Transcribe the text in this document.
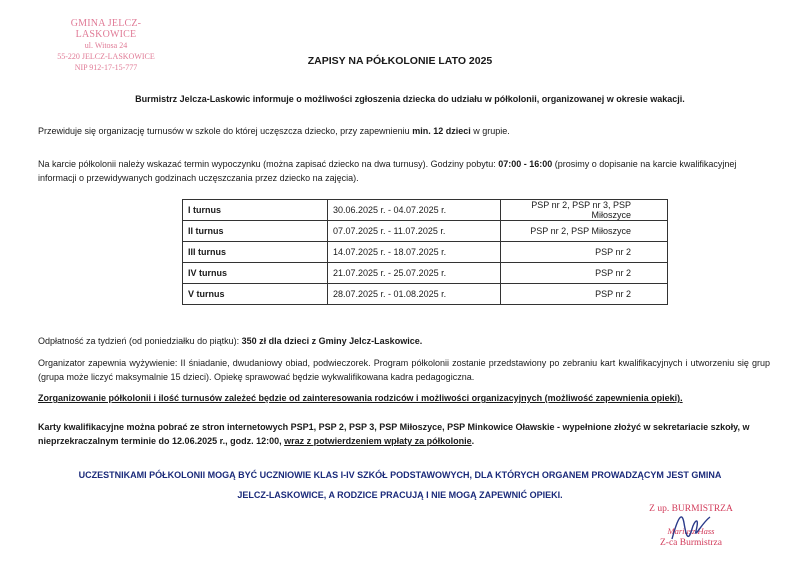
GMINA JELCZ-LASKOWICE
ul. Witosa 24
55-220 JELCZ-LASKOWICE
NIP 912-17-15-777
ZAPISY NA PÓŁKOLONIE LATO 2025
Burmistrz Jelcza-Laskowic informuje o możliwości zgłoszenia dziecka do udziału w półkolonii, organizowanej w okresie wakacji.
Przewiduje się organizację turnusów w szkole do której uczęszcza dziecko, przy zapewnieniu min. 12 dzieci w grupie.
Na karcie półkolonii należy wskazać termin wypoczynku (można zapisać dziecko na dwa turnusy). Godziny pobytu: 07:00 - 16:00 (prosimy o dopisanie na karcie kwalifikacyjnej informacji o przewidywanych godzinach uczęszczania przez dziecko na zajęcia).
I turnus	30.06.2025 r. - 04.07.2025 r.	PSP nr 2, PSP nr 3, PSP Miłoszyce
II turnus	07.07.2025 r. - 11.07.2025 r.	PSP nr 2, PSP Miłoszyce
III turnus	14.07.2025 r. - 18.07.2025 r.	PSP nr 2
IV turnus	21.07.2025 r. - 25.07.2025 r.	PSP nr 2
V turnus	28.07.2025 r. - 01.08.2025 r.	PSP nr 2
Odpłatność za tydzień (od poniedziałku do piątku): 350 zł dla dzieci z Gminy Jelcz-Laskowice.
Organizator zapewnia wyżywienie: II śniadanie, dwudaniowy obiad, podwieczorek. Program półkolonii zostanie przedstawiony po zebraniu kart kwalifikacyjnych i utworzeniu się grup (grupa może liczyć maksymalnie 15 dzieci). Opiekę sprawować będzie wykwalifikowana kadra pedagogiczna.
Zorganizowanie półkolonii i ilość turnusów zależeć będzie od zainteresowania rodziców i możliwości organizacyjnych (możliwość zapewnienia opieki).
Karty kwalifikacyjne można pobrać ze stron internetowych PSP1, PSP 2, PSP 3, PSP Miłoszyce, PSP Minkowice Oławskie - wypełnione złożyć w sekretariacie szkoły, w nieprzekraczalnym terminie do 12.06.2025 r., godz. 12:00, wraz z potwierdzeniem wpłaty za półkolonie.
UCZESTNIKAMI PÓŁKOLONII MOGĄ BYĆ UCZNIOWIE KLAS I-IV SZKÓŁ PODSTAWOWYCH, DLA KTÓRYCH ORGANEM PROWADZĄCYM JEST GMINA
JELCZ-LASKOWICE, A RODZICE PRACUJĄ I NIE MOGĄ ZAPEWNIĆ OPIEKI.
Z up. BURMISTRZA
Mariusz Hass
Z-ca Burmistrza
